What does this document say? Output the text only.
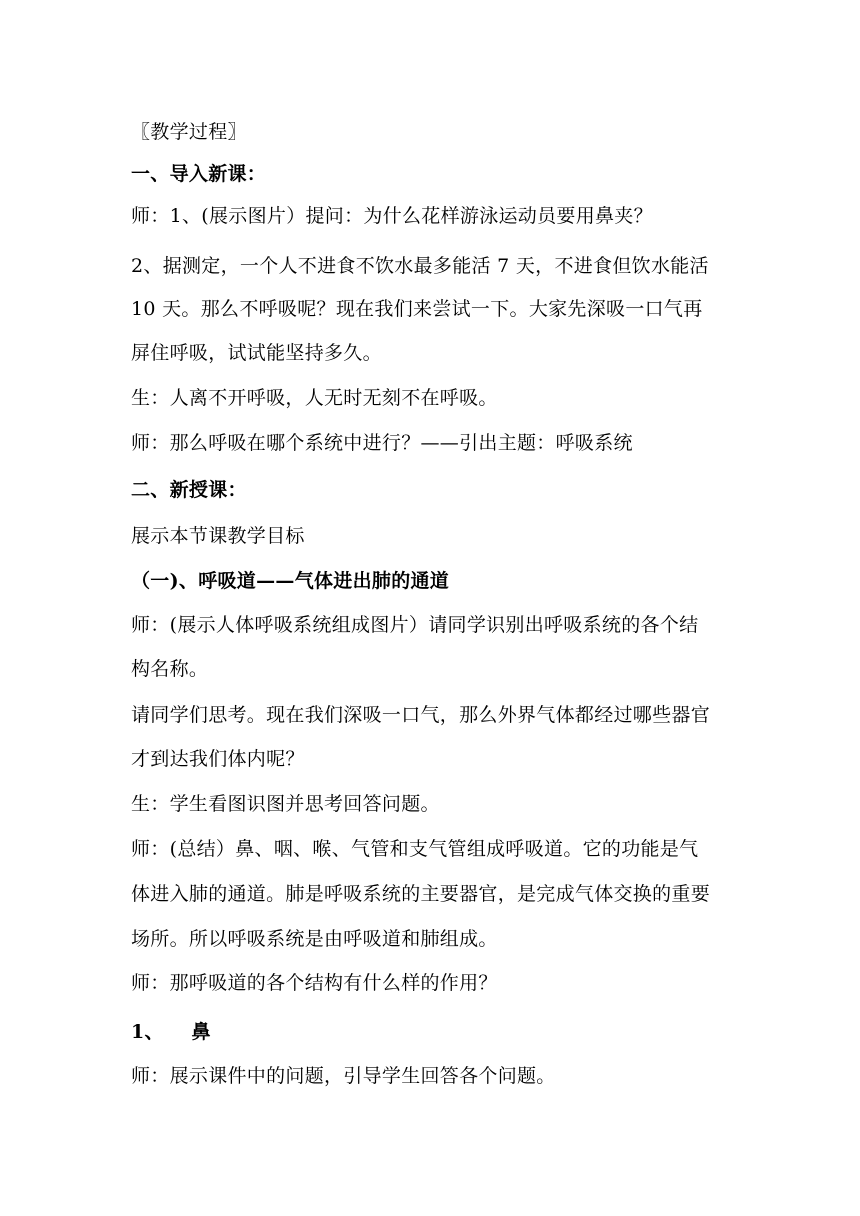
〖教学过程〗
一、导入新课：
师：1、(展示图片）提问：为什么花样游泳运动员要用鼻夹？
2、据测定，一个人不进食不饮水最多能活 7 天，不进食但饮水能活
10 天。那么不呼吸呢？现在我们来尝试一下。大家先深吸一口气再
屏住呼吸，试试能坚持多久。
生：人离不开呼吸，人无时无刻不在呼吸。
师：那么呼吸在哪个系统中进行？——引出主题：呼吸系统
二、新授课：
展示本节课教学目标
（一)、呼吸道——气体进出肺的通道
师：(展示人体呼吸系统组成图片）请同学识别出呼吸系统的各个结
构名称。
请同学们思考。现在我们深吸一口气，那么外界气体都经过哪些器官
才到达我们体内呢？
生：学生看图识图并思考回答问题。
师：(总结）鼻、咽、喉、气管和支气管组成呼吸道。它的功能是气
体进入肺的通道。肺是呼吸系统的主要器官，是完成气体交换的重要
场所。所以呼吸系统是由呼吸道和肺组成。
师：那呼吸道的各个结构有什么样的作用？
1、    鼻
师：展示课件中的问题，引导学生回答各个问题。
